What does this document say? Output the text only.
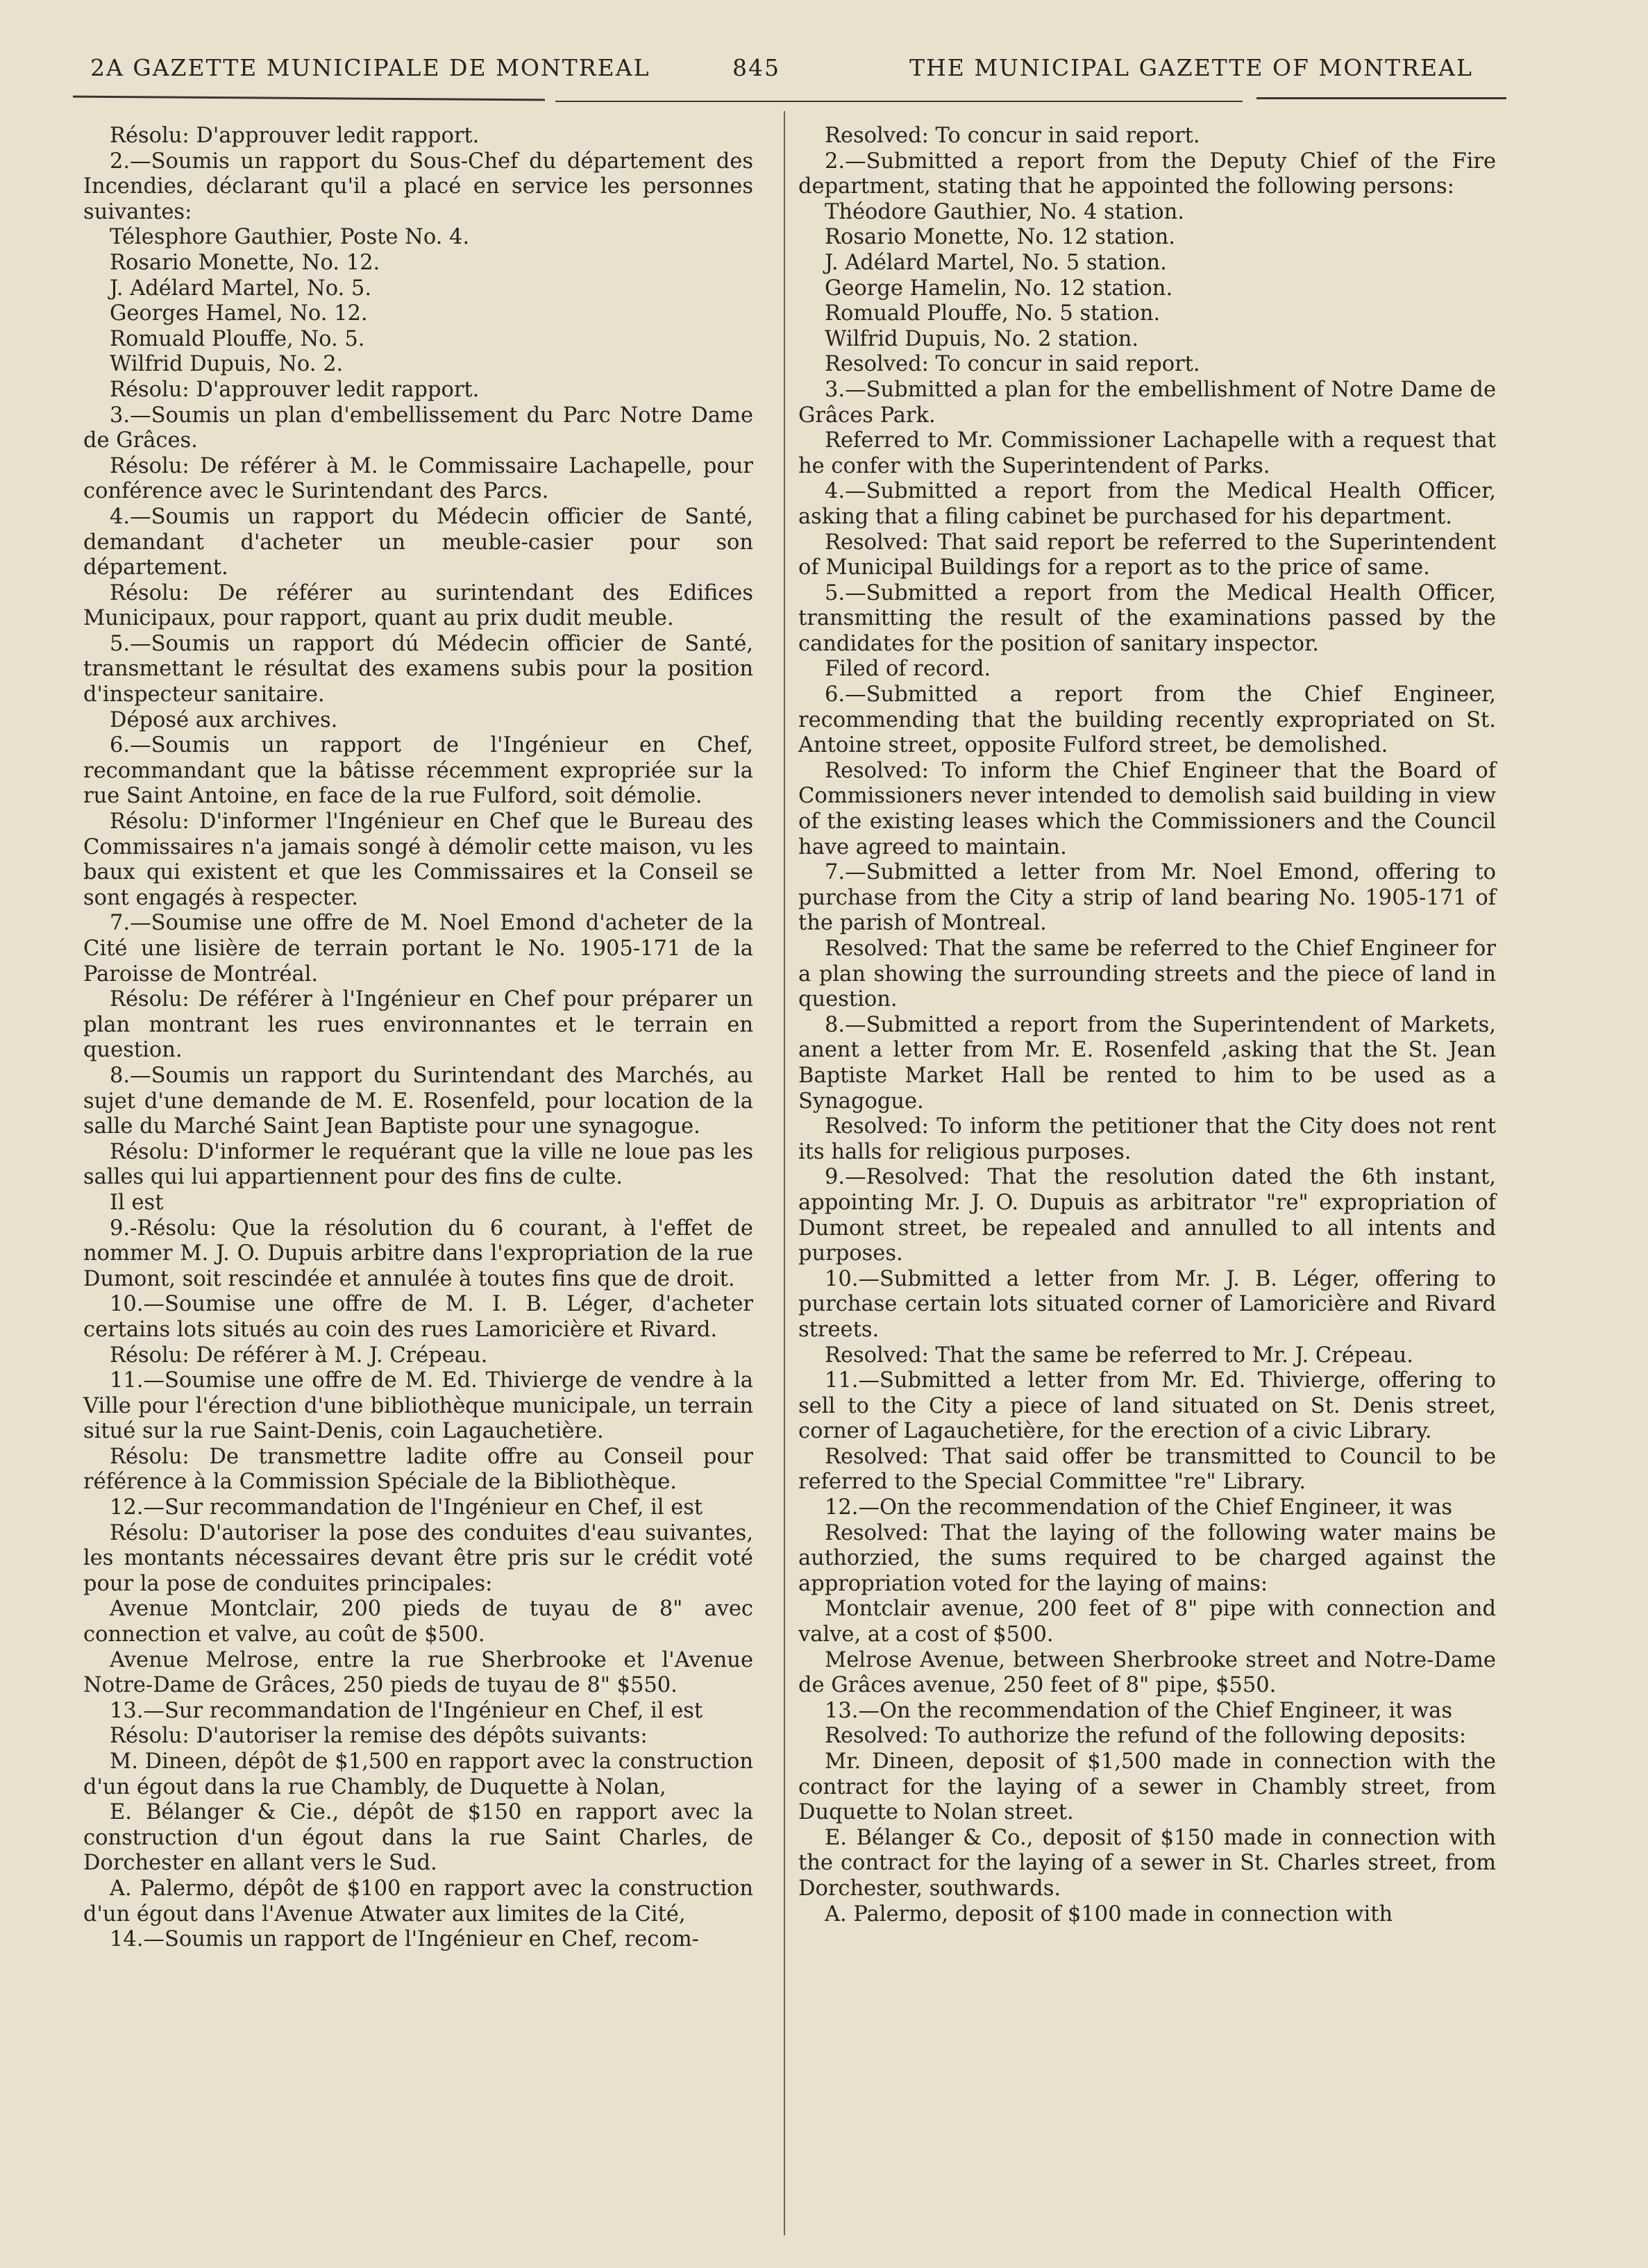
2A GAZETTE MUNICIPALE DE MONTREAL	845	THE MUNICIPAL GAZETTE OF MONTREAL

Résolu: D'approuver ledit rapport.

2.—Soumis un rapport du Sous-Chef du département des Incendies, déclarant qu'il a placé en service les personnes suivantes:

Télesphore Gauthier, Poste No. 4.

Rosario Monette, No. 12.

J. Adélard Martel, No. 5.

Georges Hamel, No. 12.

Romuald Plouffe, No. 5.

Wilfrid Dupuis, No. 2.

Résolu: D'approuver ledit rapport.

3.—Soumis un plan d'embellissement du Parc Notre Dame de Grâces.

Résolu: De référer à M. le Commissaire Lachapelle, pour conférence avec le Surintendant des Parcs.

4.—Soumis un rapport du Médecin officier de Santé, demandant d'acheter un meuble-casier pour son département.

Résolu: De référer au surintendant des Edifices Municipaux, pour rapport, quant au prix dudit meuble.

5.—Soumis un rapport dú Médecin officier de Santé, transmettant le résultat des examens subis pour la position d'inspecteur sanitaire.

Déposé aux archives.

6.—Soumis un rapport de l'Ingénieur en Chef, recommandant que la bâtisse récemment expropriée sur la rue Saint Antoine, en face de la rue Fulford, soit démolie.

Résolu: D'informer l'Ingénieur en Chef que le Bureau des Commissaires n'a jamais songé à démolir cette maison, vu les baux qui existent et que les Commissaires et la Conseil se sont engagés à respecter.

7.—Soumise une offre de M. Noel Emond d'acheter de la Cité une lisière de terrain portant le No. 1905-171 de la Paroisse de Montréal.

Résolu: De référer à l'Ingénieur en Chef pour préparer un plan montrant les rues environnantes et le terrain en question.

8.—Soumis un rapport du Surintendant des Marchés, au sujet d'une demande de M. E. Rosenfeld, pour location de la salle du Marché Saint Jean Baptiste pour une synagogue.

Résolu: D'informer le requérant que la ville ne loue pas les salles qui lui appartiennent pour des fins de culte.

Il est

9.-Résolu: Que la résolution du 6 courant, à l'effet de nommer M. J. O. Dupuis arbitre dans l'expropriation de la rue Dumont, soit rescindée et annulée à toutes fins que de droit.

10.—Soumise une offre de M. I. B. Léger, d'acheter certains lots situés au coin des rues Lamoricière et Rivard.

Résolu: De référer à M. J. Crépeau.

11.—Soumise une offre de M. Ed. Thivierge de vendre à la Ville pour l'érection d'une bibliothèque municipale, un terrain situé sur la rue Saint-Denis, coin Lagauchetière.

Résolu: De transmettre ladite offre au Conseil pour référence à la Commission Spéciale de la Bibliothèque.

12.—Sur recommandation de l'Ingénieur en Chef, il est

Résolu: D'autoriser la pose des conduites d'eau suivantes, les montants nécessaires devant être pris sur le crédit voté pour la pose de conduites principales:

Avenue Montclair, 200 pieds de tuyau de 8" avec connection et valve, au coût de $500.

Avenue Melrose, entre la rue Sherbrooke et l'Avenue Notre-Dame de Grâces, 250 pieds de tuyau de 8" $550.

13.—Sur recommandation de l'Ingénieur en Chef, il est

Résolu: D'autoriser la remise des dépôts suivants:

M. Dineen, dépôt de $1,500 en rapport avec la construction d'un égout dans la rue Chambly, de Duquette à Nolan,

E. Bélanger & Cie., dépôt de $150 en rapport avec la construction d'un égout dans la rue Saint Charles, de Dorchester en allant vers le Sud.

A. Palermo, dépôt de $100 en rapport avec la construction d'un égout dans l'Avenue Atwater aux limites de la Cité,

14.—Soumis un rapport de l'Ingénieur en Chef, recom-

Resolved: To concur in said report.

2.—Submitted a report from the Deputy Chief of the Fire department, stating that he appointed the following persons:

Théodore Gauthier, No. 4 station.

Rosario Monette, No. 12 station.

J. Adélard Martel, No. 5 station.

George Hamelin, No. 12 station.

Romuald Plouffe, No. 5 station.

Wilfrid Dupuis, No. 2 station.

Resolved: To concur in said report.

3.—Submitted a plan for the embellishment of Notre Dame de Grâces Park.

Referred to Mr. Commissioner Lachapelle with a request that he confer with the Superintendent of Parks.

4.—Submitted a report from the Medical Health Officer, asking that a filing cabinet be purchased for his department.

Resolved: That said report be referred to the Superintendent of Municipal Buildings for a report as to the price of same.

5.—Submitted a report from the Medical Health Officer, transmitting the result of the examinations passed by the candidates for the position of sanitary inspector.

Filed of record.

6.—Submitted a report from the Chief Engineer, recommending that the building recently expropriated on St. Antoine street, opposite Fulford street, be demolished.

Resolved: To inform the Chief Engineer that the Board of Commissioners never intended to demolish said building in view of the existing leases which the Commissioners and the Council have agreed to maintain.

7.—Submitted a letter from Mr. Noel Emond, offering to purchase from the City a strip of land bearing No. 1905-171 of the parish of Montreal.

Resolved: That the same be referred to the Chief Engineer for a plan showing the surrounding streets and the piece of land in question.

8.—Submitted a report from the Superintendent of Markets, anent a letter from Mr. E. Rosenfeld ,asking that the St. Jean Baptiste Market Hall be rented to him to be used as a Synagogue.

Resolved: To inform the petitioner that the City does not rent its halls for religious purposes.

9.—Resolved: That the resolution dated the 6th instant, appointing Mr. J. O. Dupuis as arbitrator "re" expropriation of Dumont street, be repealed and annulled to all intents and purposes.

10.—Submitted a letter from Mr. J. B. Léger, offering to purchase certain lots situated corner of Lamoricière and Rivard streets.

Resolved: That the same be referred to Mr. J. Crépeau.

11.—Submitted a letter from Mr. Ed. Thivierge, offering to sell to the City a piece of land situated on St. Denis street, corner of Lagauchetière, for the erection of a civic Library.

Resolved: That said offer be transmitted to Council to be referred to the Special Committee "re" Library.

12.—On the recommendation of the Chief Engineer, it was

Resolved: That the laying of the following water mains be authorzied, the sums required to be charged against the appropriation voted for the laying of mains:

Montclair avenue, 200 feet of 8" pipe with connection and valve, at a cost of $500.

Melrose Avenue, between Sherbrooke street and Notre-Dame de Grâces avenue, 250 feet of 8" pipe, $550.

13.—On the recommendation of the Chief Engineer, it was

Resolved: To authorize the refund of the following deposits:

Mr. Dineen, deposit of $1,500 made in connection with the contract for the laying of a sewer in Chambly street, from Duquette to Nolan street.

E. Bélanger & Co., deposit of $150 made in connection with the contract for the laying of a sewer in St. Charles street, from Dorchester, southwards.

A. Palermo, deposit of $100 made in connection with
